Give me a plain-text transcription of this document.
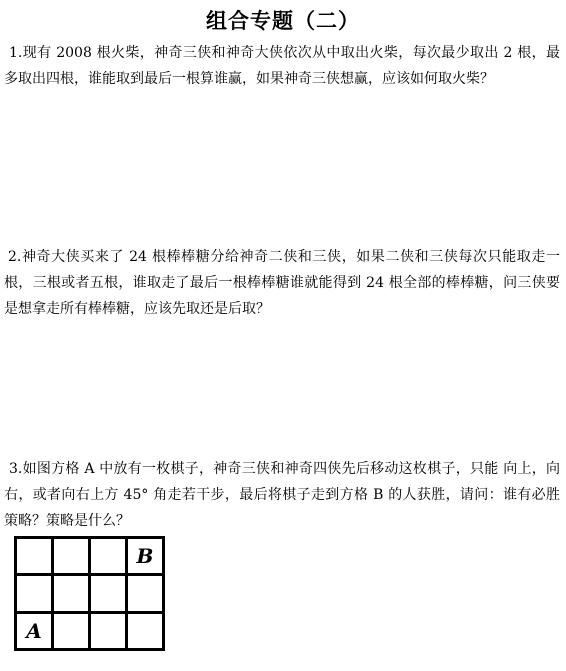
组合专题（二）
1.现有 2008 根火柴，神奇三侠和神奇大侠依次从中取出火柴，每次最少取出 2 根，最多取出四根，谁能取到最后一根算谁赢，如果神奇三侠想赢，应该如何取火柴？
2.神奇大侠买来了 24 根棒棒糖分给神奇二侠和三侠，如果二侠和三侠每次只能取走一根，三根或者五根，谁取走了最后一根棒棒糖谁就能得到 24 根全部的棒棒糖，问三侠要是想拿走所有棒棒糖，应该先取还是后取？
3.如图方格 A 中放有一枚棋子，神奇三侠和神奇四侠先后移动这枚棋子，只能 向上，向右，或者向右上方 45° 角走若干步，最后将棋子走到方格 B 的人获胜，请问：谁有必胜策略？策略是什么？
B
A
